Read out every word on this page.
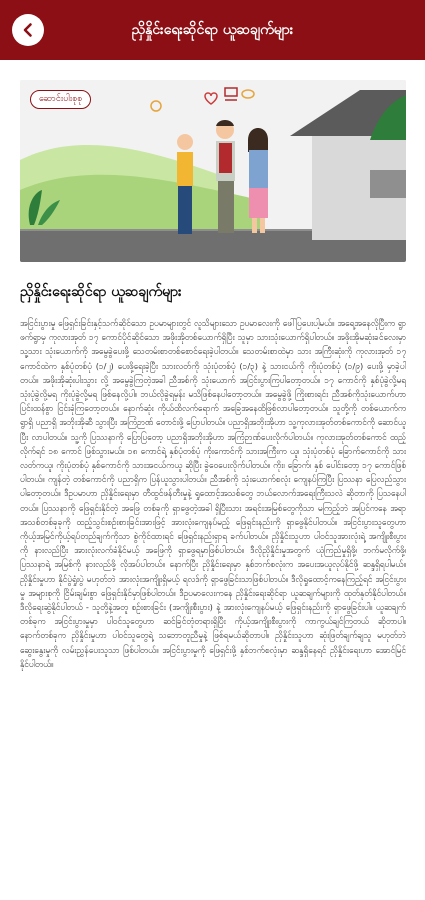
ညှိနှိုင်းရေးဆိုင်ရာ ယူဆချက်များ
ဆောင်းပါးစုစု
ညှိနှိုင်းရေးဆိုင်ရာ ယူဆချက်များ

အငြင်းပွားမှု ဖြေရှင်းခြင်းနှင့်သက်ဆိုင်သော ဥပမာများတွင် လူသိများသော ဥပမာလေးကို ဖေါ်ပြပေးပါ့မယ်။ အရေ့အနေလိုပြီးက ရွာဖက်ရွာမှ ကုလားအုတ် ၁၇ ကောင်ပိုင်ဆိုင်သော အဖိုးအိုတစ်ယောက်ရှိပြီး သူမှာ သားသုံးယောက်ရှိပါတယ်။ အဖိုးအိုမဆုံးခင်လေးမှာ သူ့သား သုံးယောက်ကို အမွေခွဲပေးဖို့ သေတမ်းစာတစ်စောင်ရေးခဲ့ပါတယ်။ သေတမ်းစာထဲမှာ သား အကြီးဆုံးကို ကုလားအုတ် ၁၇ ကောင်ထဲက နှစ်ပုံတစ်ပုံ (၁/၂) ပေးဖို့ရေးခဲ့ပြီး သားလတ်ကို သုံးပုံတစ်ပုံ (၁/၃) နဲ့ သားငယ်ကို ကိုးပုံတစ်ပုံ (၁/၉) ပေးဖို့ မှာခဲ့ပါတယ်။ အဖိုးအိုဆုံးပါးသွား လို့ အမွေခွဲကြတဲ့အခါ ညီအစ်ကို သုံးယောက် အငြင်းပွားကြပါတော့တယ်။ ၁၇ ကောင်ကို နှစ်ပုံခွဲလို့မရ သုံးပုံခွဲလို့မရ ကိုးပုံခွဲလို့မရ ဖြစ်နေလို့ပါ။ ဘယ်လိုခွဲရမှန်း မသိဖြစ်နေပါတော့တယ်။ အမွေခွဲဖို့ ကြိုးစားရင်း ညီအစ်ကိုသုံးယောက်ဟာ ပြင်းထန်စွာ ငြင်းခုံကြတော့တယ်။ နောက်ဆုံး ကိုယ်ထိလက်ရောက် အခြေအနေထိဖြစ်လာပါတော့တယ်။ သူတို့ကို တစ်ယောက်က ရွာရှိ ပညာရှိ အဘိုးအိုဆီ သွားပြီး အကြံဉာဏ် တောင်းဖို့ ပြောပါတယ်။ ပညာရှိအဘိုးအိုဟာ သူ့ကုလားအုတ်တစ်ကောင်ကို ဆောင်ယူပြီး လာပါတယ်။ သူ့ကို ပြဿနာကို ပြောပြတော့ ပညာရှိအဘိုးအိုဟာ အကြံဉာဏ်ပေးလိုက်ပါတယ်။ ကုလားအုတ်တစ်ကောင် ထည့်လိုက်ရင် ၁၈ ကောင် ဖြစ်သွားမယ်။ ၁၈ ကောင်ရဲ့ နှစ်ပုံတစ်ပုံ ကိုးကောင်ကို သားအကြီးက ယူ၊ သုံးပုံတစ်ပုံ ခြောက်ကောင်ကို သားလတ်ကယူ၊ ကိုးပုံတစ်ပုံ နှစ်ကောင်ကို သားအငယ်ကယူ ဆိုပြီး ခွဲဝေပေးလိုက်ပါတယ်။ ကိုး၊ ခြောက်၊ နှစ် ပေါင်းတော့ ၁၇ ကောင်ဖြစ်ပါတယ်။ ကျန်တဲ့ တစ်ကောင်ကို ပညာရှိက ပြန်ယူသွားပါတယ်။ ညီအစ်ကို သုံးယောက်စလုံး ကျေနပ်ကြပြီး ပြဿနာ ပြေလည်သွားပါတော့တယ်။ ဒီဥပမာဟာ ညှိနှိုင်းရေးမှာ တီထွင်ဖန်တီးမှုနဲ့ ရှုထောင့်အသစ်တွေ ဘယ်လောက်အရေးကြီးသလဲ ဆိုတာကို ပြသနေပါတယ်။ ပြဿနာကို ဖြေရှင်းနိုင်တဲ့ အဖြေ တစ်ခုကို ရှာဖွေတဲ့အခါ ရှိပြီးသား အရင်းအမြစ်တွေကိုသာ မကြည့်ဘဲ အပြင်ကနေ အရာအသစ်တစ်ခုခုကို ထည့်သွင်းစဉ်းစားခြင်းအားဖြင့် အားလုံးကျေနပ်မည့် ဖြေရှင်းနည်းကို ရှာဖွေနိုင်ပါတယ်။ အငြင်းပွားသူတွေဟာ ကိုယ့်အမြင်ကိုယ့်ရပ်တည်ချက်ကိုသာ စွဲကိုင်ထားရင် ဖြေရှင်းနည်းရှာရ ခက်ပါတယ်။ ညှိနှိုင်းသူဟာ ပါဝင်သူအားလုံးရဲ့ အကျိုးစီးပွားကို နားလည်ပြီး အားလုံးလက်ခံနိုင်မယ့် အဖြေကို ရှာဖွေရမှာဖြစ်ပါတယ်။ ဒီလိုညှိနှိုင်းမှုအတွက် ယုံကြည်မှုရှိဖို့၊ ဘက်မလိုက်ဖို့၊ ပြဿနာရဲ့ အမြစ်ကို နားလည်ဖို့ လိုအပ်ပါတယ်။ နောက်ပြီး ညှိနှိုင်းရေးမှာ နှစ်ဘက်စလုံးက အပေးအယူလုပ်နိုင်ဖို့ ဆန္ဒရှိရပါမယ်။ ညှိနှိုင်းမှုဟာ နိုင်ပွဲရှုံးပွဲ မဟုတ်ဘဲ အားလုံးအကျိုးရှိမယ့် ရလဒ်ကို ရှာဖွေခြင်းသာဖြစ်ပါတယ်။ ဒီလိုရှုထောင့်ကနေကြည့်ရင် အငြင်းပွားမှု အများစုကို ငြိမ်းချမ်းစွာ ဖြေရှင်းနိုင်မှာဖြစ်ပါတယ်။ ဒီဥပမာလေးကနေ ညှိနှိုင်းရေးဆိုင်ရာ ယူဆချက်များကို ထုတ်နုတ်နိုင်ပါတယ်။ ဒီလိုရေးဆွဲနိုင်ပါတယ် - သူတို့နဲ့အတူ စဉ်းစားခြင်း (အကျိုးစီးပွား) နဲ့ အားလုံးကျေနပ်မယ့် ဖြေရှင်းနည်းကို ရှာဖွေခြင်းပါ။ ယူဆချက်တစ်ခုက အငြင်းပွားမှုမှာ ပါဝင်သူတွေဟာ ဆင်ခြင်တုံတရားရှိပြီး ကိုယ့်အကျိုးစီးပွားကို ကာကွယ်ချင်ကြတယ် ဆိုတာပါ။ နောက်တစ်ခုက ညှိနှိုင်းမှုဟာ ပါဝင်သူတွေရဲ့ သဘောတူညီမှုနဲ့ ဖြစ်ရမယ်ဆိုတာပါ။ ညှိနှိုင်းသူဟာ ဆုံးဖြတ်ချက်ချသူ မဟုတ်ဘဲ ဆွေးနွေးမှုကို လမ်းညွှန်ပေးသူသာ ဖြစ်ပါတယ်။ အငြင်းပွားမှုကို ဖြေရှင်းဖို့ နှစ်ဘက်စလုံးမှာ ဆန္ဒရှိနေရင် ညှိနှိုင်းရေးဟာ အောင်မြင်နိုင်ပါတယ်။
